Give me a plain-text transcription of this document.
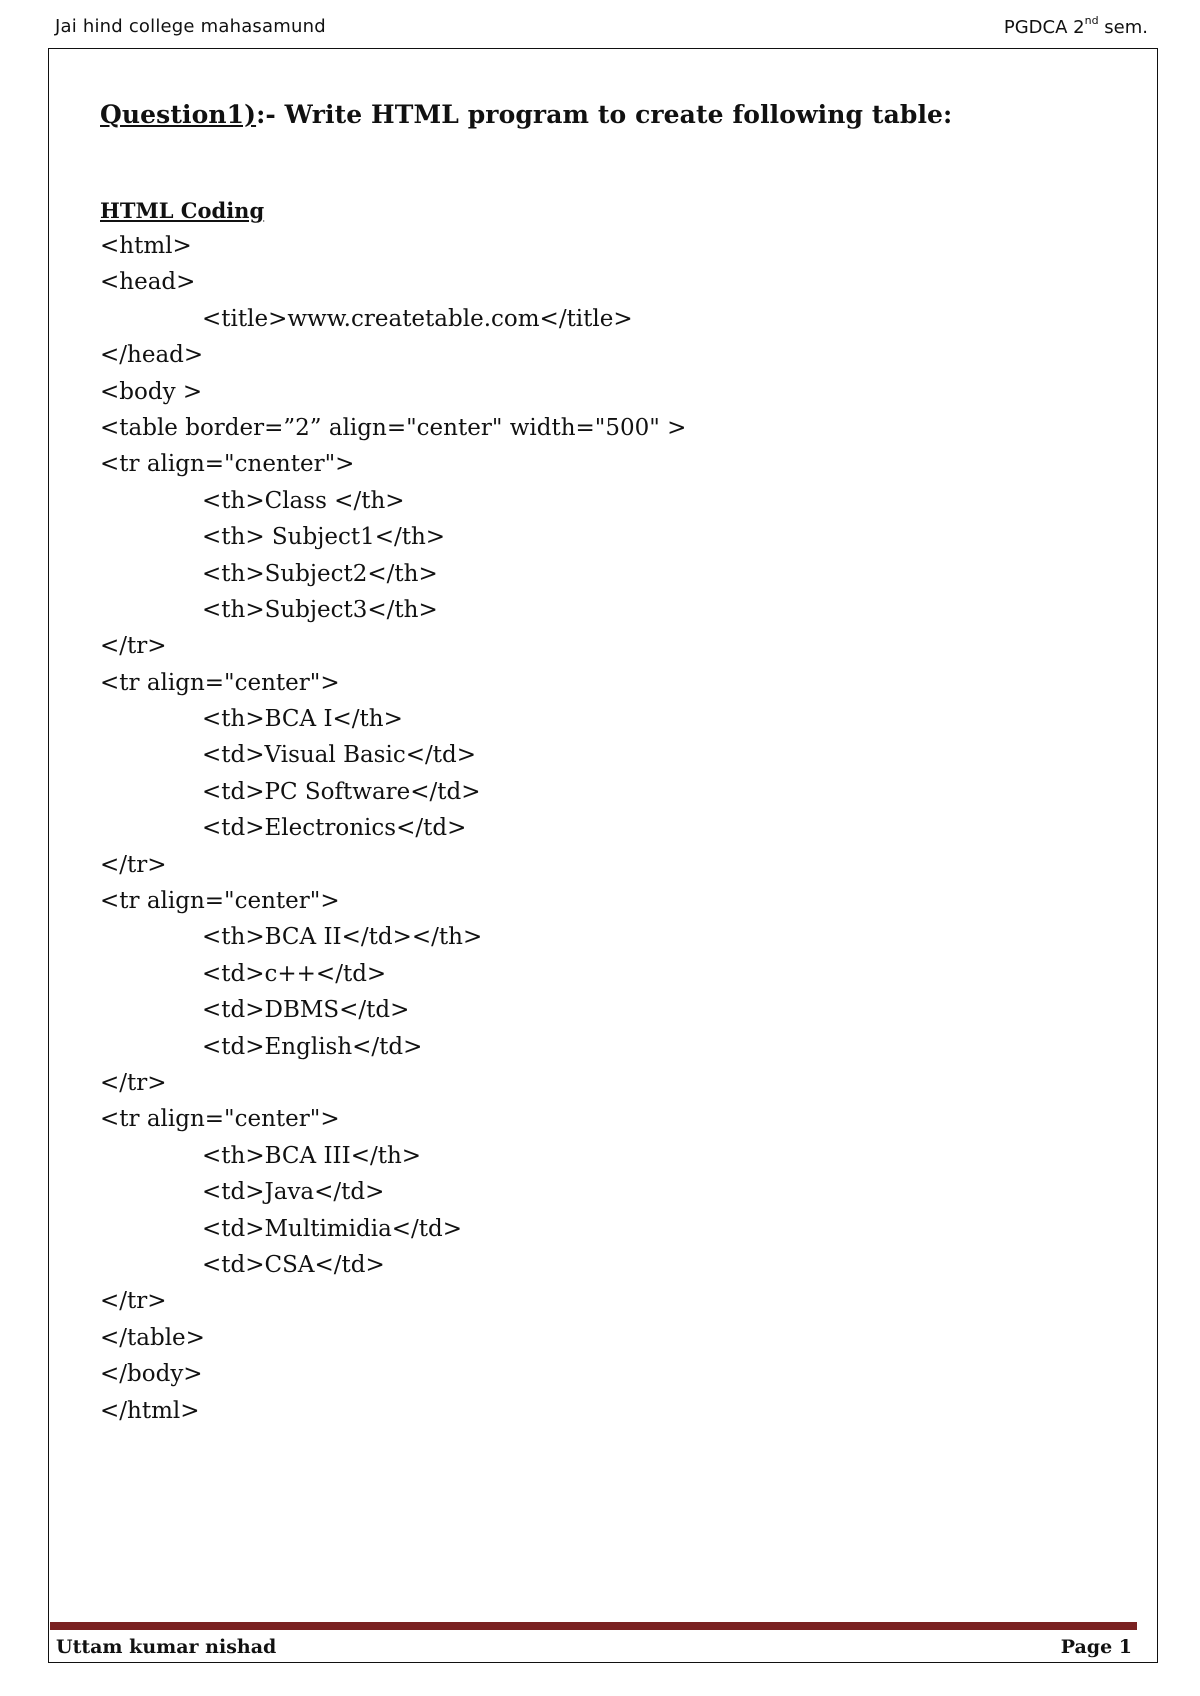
Jai hind college mahasamund	PGDCA 2nd sem.
Question1):- Write HTML program to create following table:
HTML Coding
<html>
<head>
<title>www.createtable.com</title>
</head>
<body >
<table border=”2” align="center" width="500" >
<tr align="cnenter">
<th>Class </th>
<th> Subject1</th>
<th>Subject2</th>
<th>Subject3</th>
</tr>
<tr align="center">
<th>BCA I</th>
<td>Visual Basic</td>
<td>PC Software</td>
<td>Electronics</td>
</tr>
<tr align="center">
<th>BCA II</td></th>
<td>c++</td>
<td>DBMS</td>
<td>English</td>
</tr>
<tr align="center">
<th>BCA III</th>
<td>Java</td>
<td>Multimidia</td>
<td>CSA</td>
</tr>
</table>
</body>
</html>
Uttam kumar nishad	Page 1
